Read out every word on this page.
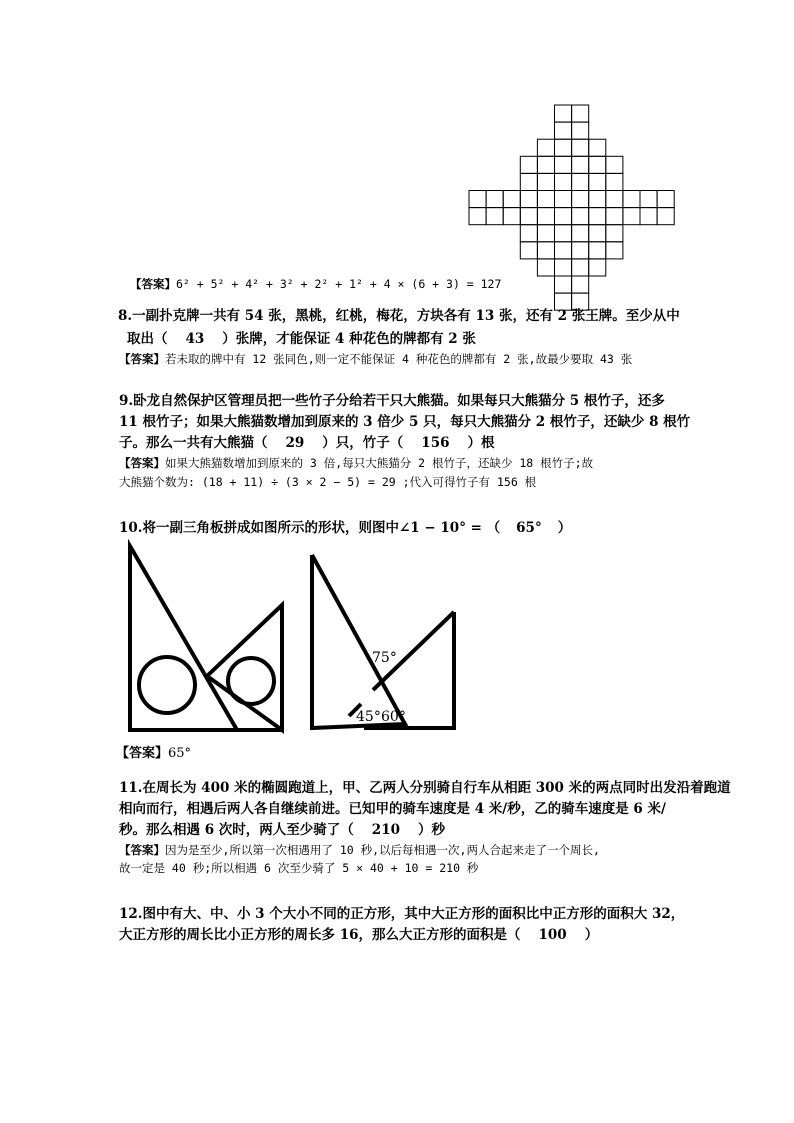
【答案】6² + 5² + 4² + 3² + 2² + 1² + 4 × (6 + 3) = 127
8.一副扑克牌一共有 54 张，黑桃，红桃，梅花，方块各有 13 张，还有 2 张王牌。至少从中
取出（ 43 ）张牌，才能保证 4 种花色的牌都有 2 张
【答案】若未取的牌中有 12 张同色,则一定不能保证 4 种花色的牌都有 2 张,故最少要取 43 张
9.卧龙自然保护区管理员把一些竹子分给若干只大熊猫。如果每只大熊猫分 5 根竹子，还多
11 根竹子；如果大熊猫数增加到原来的 3 倍少 5 只，每只大熊猫分 2 根竹子，还缺少 8 根竹
子。那么一共有大熊猫（ 29 ）只，竹子（ 156 ）根
【答案】如果大熊猫数增加到原来的 3 倍,每只大熊猫分 2 根竹子，还缺少 18 根竹子;故
大熊猫个数为: (18 + 11) ÷ (3 × 2 − 5) = 29 ;代入可得竹子有 156 根
10.将一副三角板拼成如图所示的形状，则图中∠1 − 10° = （ 65° ）
75°
45° 60°
【答案】65°
11.在周长为 400 米的椭圆跑道上，甲、乙两人分别骑自行车从相距 300 米的两点同时出发沿着跑道
相向而行，相遇后两人各自继续前进。已知甲的骑车速度是 4 米/秒，乙的骑车速度是 6 米/
秒。那么相遇 6 次时，两人至少骑了（ 210 ）秒
【答案】因为是至少,所以第一次相遇用了 10 秒,以后每相遇一次,两人合起来走了一个周长,
故一定是 40 秒;所以相遇 6 次至少骑了 5 × 40 + 10 = 210 秒
12.图中有大、中、小 3 个大小不同的正方形，其中大正方形的面积比中正方形的面积大 32，
大正方形的周长比小正方形的周长多 16，那么大正方形的面积是（ 100 ）
